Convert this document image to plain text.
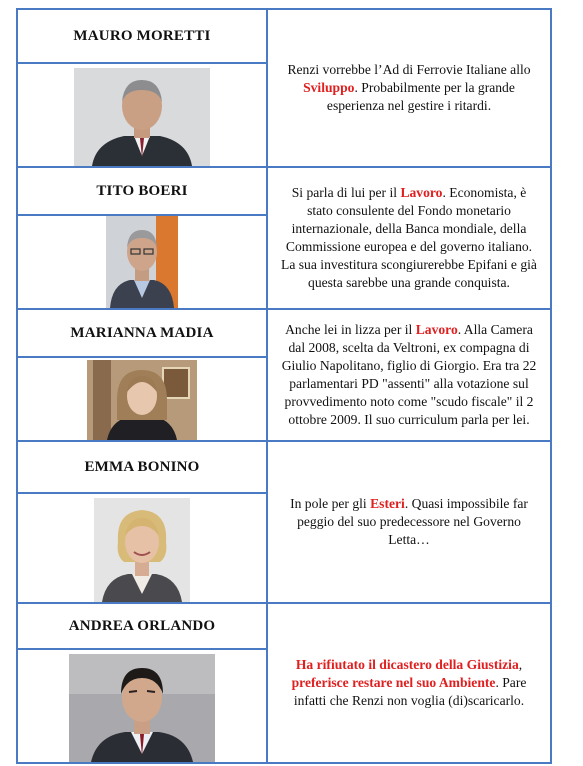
MAURO MORETTI
Renzi vorrebbe l’Ad di Ferrovie Italiane allo Sviluppo. Probabilmente per la grande esperienza nel gestire i ritardi.
TITO BOERI	Si parla di lui per il Lavoro. Economista, è stato consulente del Fondo monetario internazionale, della Banca mondiale, della Commissione europea e del governo italiano. La sua investitura scongiurerebbe Epifani e già questa sarebbe una grande conquista.
MARIANNA MADIA	Anche lei in lizza per il Lavoro. Alla Camera dal 2008, scelta da Veltroni, ex compagna di Giulio Napolitano, figlio di Giorgio. Era tra 22 parlamentari PD "assenti" alla votazione sul provvedimento noto come "scudo fiscale" il 2 ottobre 2009. Il suo curriculum parla per lei.
EMMA BONINO
In pole per gli Esteri. Quasi impossibile far peggio del suo predecessore nel Governo Letta…
ANDREA ORLANDO
Ha rifiutato il dicastero della Giustizia, preferisce restare nel suo Ambiente. Pare infatti che Renzi non voglia (di)scaricarlo.
